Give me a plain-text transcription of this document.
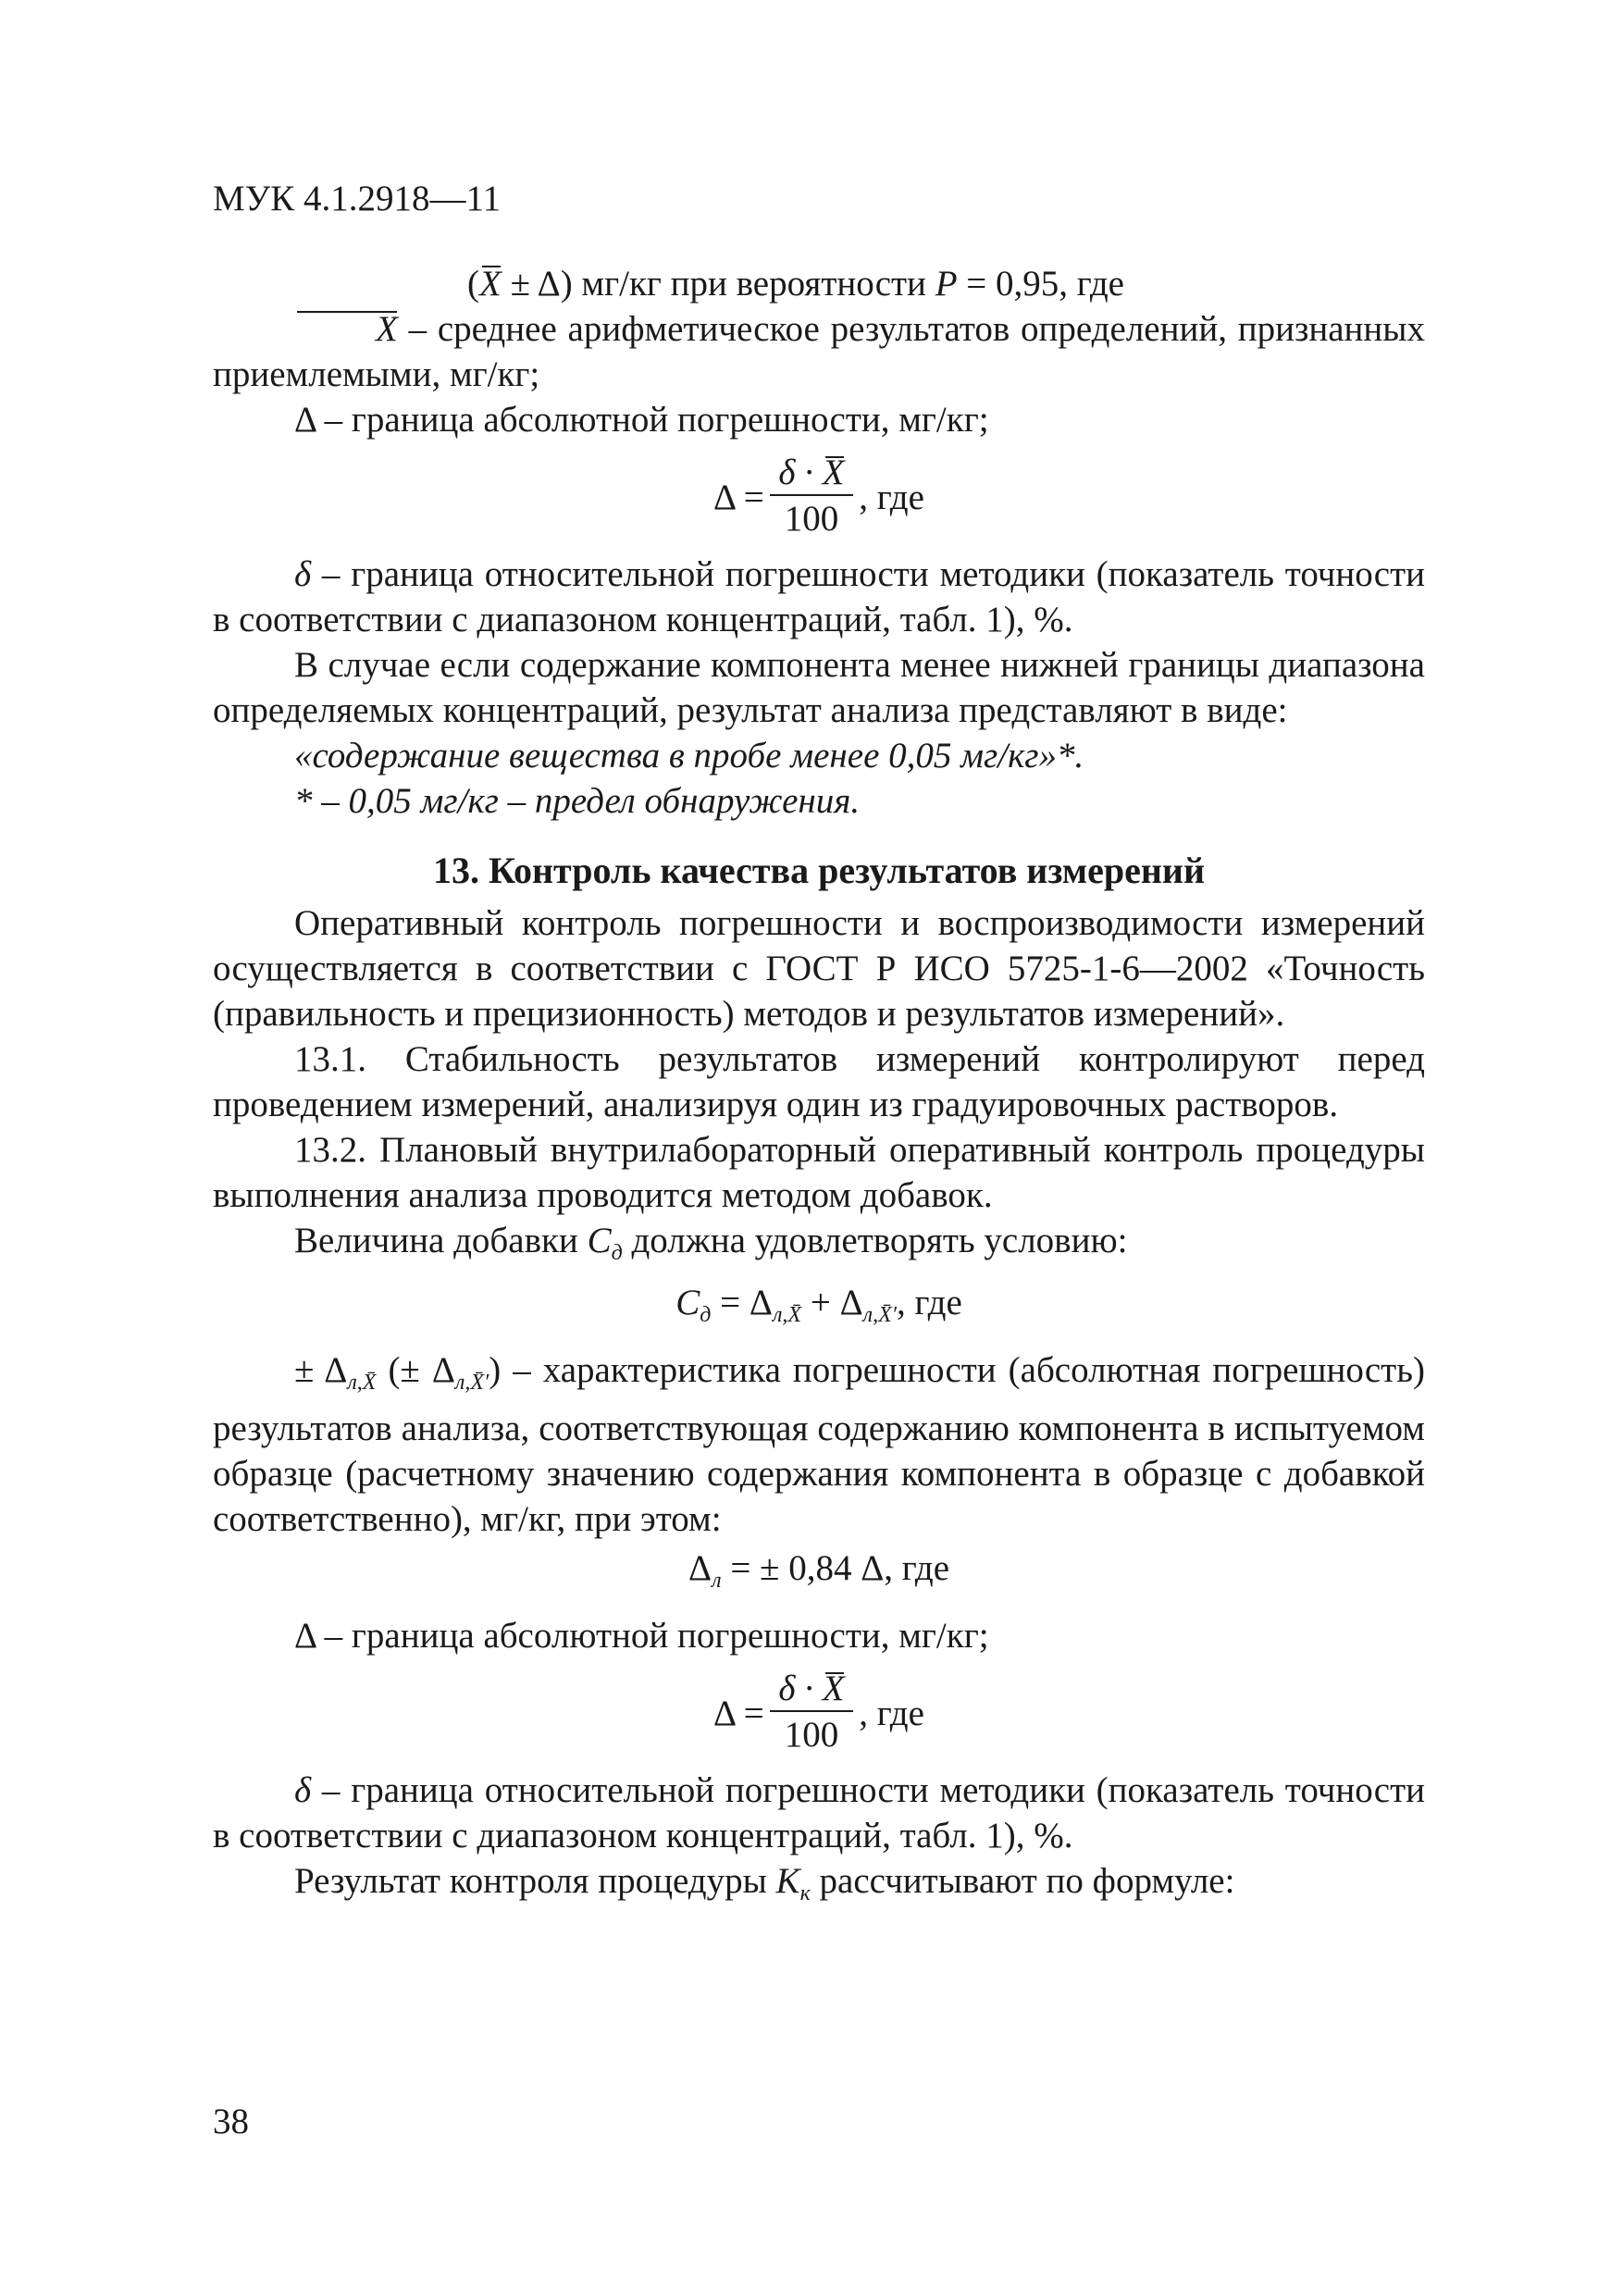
МУК 4.1.2918—11

(X ± Δ) мг/кг при вероятности P = 0,95, где

X – среднее арифметическое результатов определений, признанных приемлемыми, мг/кг;

Δ – граница абсолютной погрешности, мг/кг;

$\Delta = \frac{\delta \cdot X}{100}$ , где

δ – граница относительной погрешности методики (показатель точности в соответствии с диапазоном концентраций, табл. 1), %.

В случае если содержание компонента менее нижней границы диапазона определяемых концентраций, результат анализа представляют в виде:

«содержание вещества в пробе менее 0,05 мг/кг»*.

* – 0,05 мг/кг – предел обнаружения.

13. Контроль качества результатов измерений

Оперативный контроль погрешности и воспроизводимости измерений осуществляется в соответствии с ГОСТ Р ИСО 5725-1-6—2002 «Точность (правильность и прецизионность) методов и результатов измерений».

13.1. Стабильность результатов измерений контролируют перед проведением измерений, анализируя один из градуировочных растворов.

13.2. Плановый внутрилабораторный оперативный контроль процедуры выполнения анализа проводится методом добавок.

Величина добавки $C_д$ должна удовлетворять условию:

$C_д = \Delta_{л,X̄} + \Delta_{л,X̄'}$, где

± $\Delta_{л,X̄}$ (± $\Delta_{л,X̄'}$) – характеристика погрешности (абсолютная погрешность) результатов анализа, соответствующая содержанию компонента в испытуемом образце (расчетному значению содержания компонента в образце с добавкой соответственно), мг/кг, при этом:

$\Delta_л$ = ± 0,84 Δ, где

Δ – граница абсолютной погрешности, мг/кг;

$\Delta = \frac{\delta \cdot X}{100}$ , где

δ – граница относительной погрешности методики (показатель точности в соответствии с диапазоном концентраций, табл. 1), %.

Результат контроля процедуры $K_к$ рассчитывают по формуле:

38
